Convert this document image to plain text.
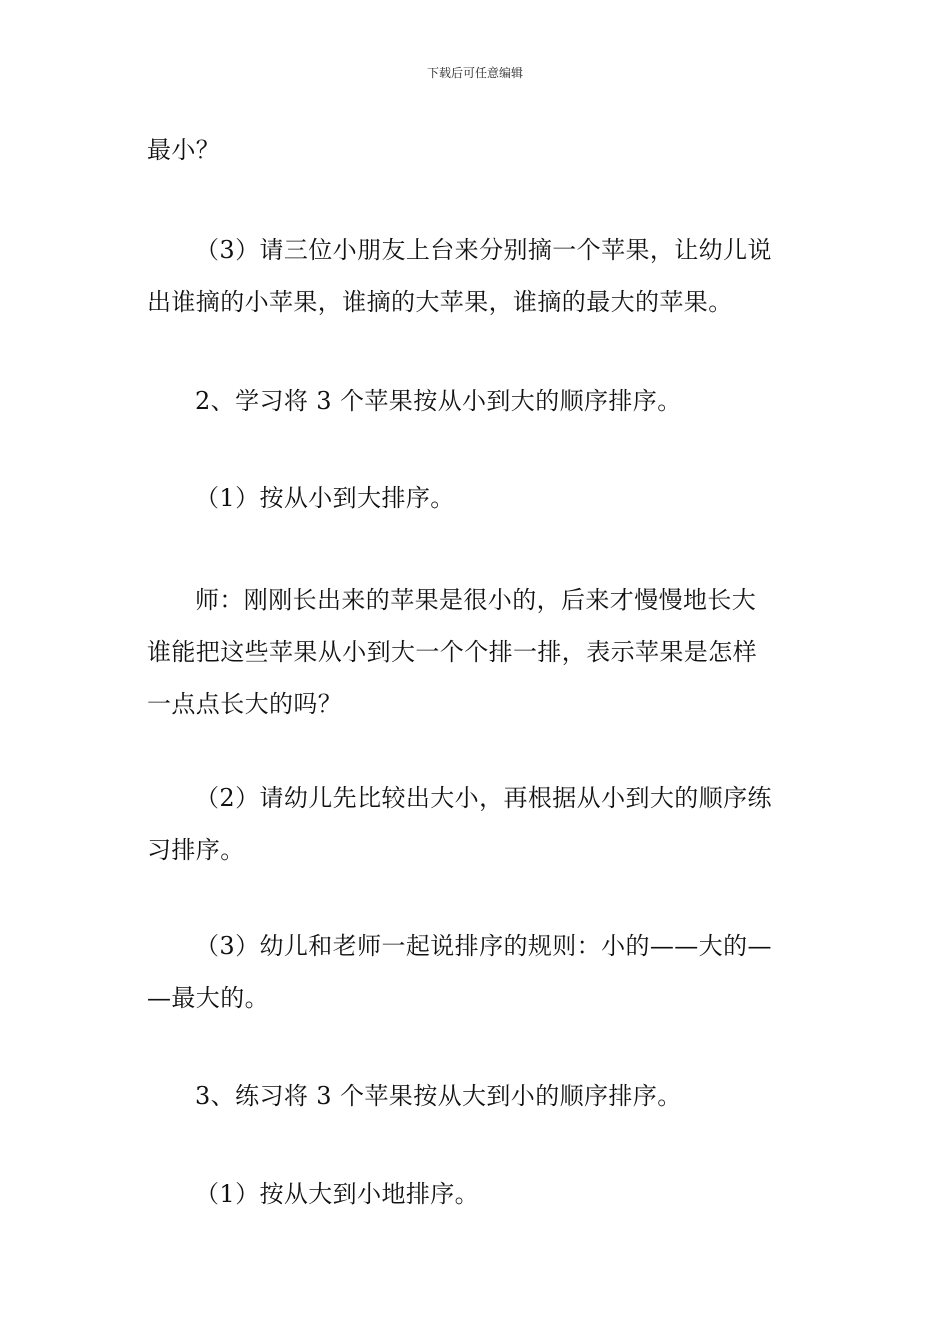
下载后可任意编辑
最小？
（3）请三位小朋友上台来分别摘一个苹果，让幼儿说
出谁摘的小苹果，谁摘的大苹果，谁摘的最大的苹果。
2、学习将 3 个苹果按从小到大的顺序排序。
（1）按从小到大排序。
师：刚刚长出来的苹果是很小的，后来才慢慢地长大
谁能把这些苹果从小到大一个个排一排，表示苹果是怎样
一点点长大的吗？
（2）请幼儿先比较出大小，再根据从小到大的顺序练
习排序。
（3）幼儿和老师一起说排序的规则：小的——大的—
—最大的。
3、练习将 3 个苹果按从大到小的顺序排序。
（1）按从大到小地排序。
